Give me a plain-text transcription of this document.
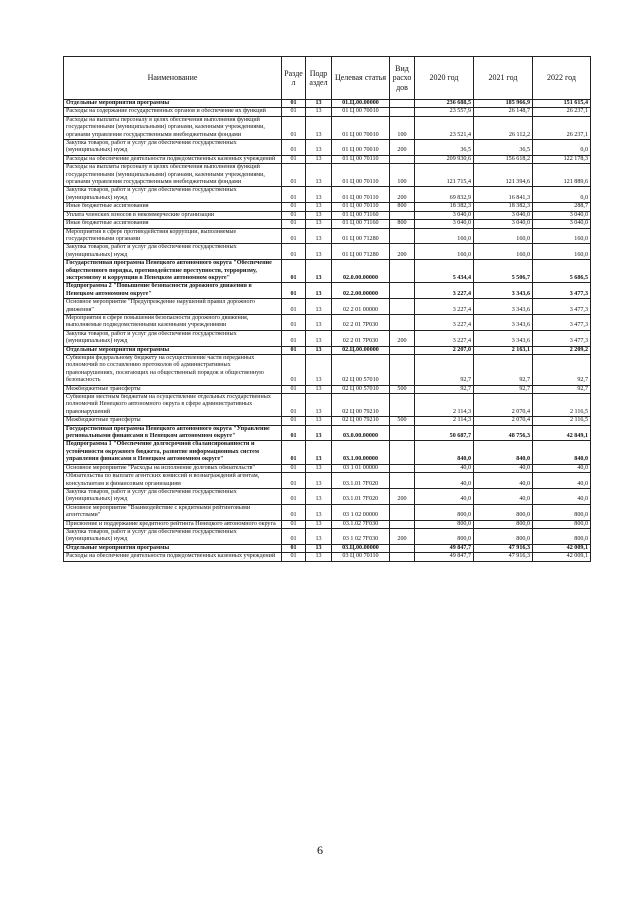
Наименование	Разде л	Подр аздел	Целевая статья	Вид расхо дов	2020 год	2021 год	2022 год
Отдельные мероприятия программы	01	13	01.Ц.00.00000		236 688,5	185 966,9	151 615,4
Расходы на содержание государственных органов и обеспечение их функций	01	13	01 Ц 00 70010		23 557,9	26 148,7	26 237,1
Расходы на выплаты персоналу в целях обеспечения выполнения функций государственными (муниципальными) органами, казенными учреждениями, органами управления государственными внебюджетными фондами	01	13	01 Ц 00 70010	100	23 521,4	26 112,2	26 237,1
Закупка товаров, работ и услуг для обеспечения государственных (муниципальных) нужд	01	13	01 Ц 00 70010	200	36,5	36,5	0,0
Расходы на обеспечение деятельности подведомственных казенных учреждений	01	13	01 Ц 00 70110		209 930,6	156 618,2	122 178,3
Расходы на выплаты персоналу в целях обеспечения выполнения функций государственными (муниципальными) органами, казенными учреждениями, органами управления государственными внебюджетными фондами	01	13	01 Ц 00 70110	100	121 715,4	121 394,6	121 889,6
Закупка товаров, работ и услуг для обеспечения государственных (муниципальных) нужд	01	13	01 Ц 00 70110	200	69 832,9	16 841,3	0,0
Иные бюджетные ассигнования	01	13	01 Ц 00 70110	800	18 382,3	18 382,3	288,7
Уплата членских взносов в некоммерческие организации	01	13	01 Ц 00 71160		3 040,0	3 040,0	3 040,0
Иные бюджетные ассигнования	01	13	01 Ц 00 71160	800	3 040,0	3 040,0	3 040,0
Мероприятия в сфере противодействия коррупции, выполняемые государственными органами	01	13	01 Ц 00 71280		160,0	160,0	160,0
Закупка товаров, работ и услуг для обеспечения государственных (муниципальных) нужд	01	13	01 Ц 00 71280	200	160,0	160,0	160,0
Государственная программа Ненецкого автономного округа "Обеспечение общественного порядка, противодействие преступности, терроризму, экстремизму и коррупции в Ненецком автономном округе"	01	13	02.0.00.00000		5 434,4	5 506,7	5 686,5
Подпрограмма 2 "Повышение безопасности дорожного движения в Ненецком автономном округе"	01	13	02.2.00.00000		3 227,4	3 343,6	3 477,3
Основное мероприятие "Предупреждение нарушений правил дорожного движения"	01	13	02 2 01 00000		3 227,4	3 343,6	3 477,3
Мероприятия в сфере повышения безопасности дорожного движения, выполняемые подведомственными казенными учреждениями	01	13	02 2 01 7Р030		3 227,4	3 343,6	3 477,3
Закупка товаров, работ и услуг для обеспечения государственных (муниципальных) нужд	01	13	02 2 01 7Р030	200	3 227,4	3 343,6	3 477,3
Отдельные мероприятия программы	01	13	02.Ц.00.00000		2 207,0	2 163,1	2 209,2
Субвенция федеральному бюджету на осуществление части переданных полномочий по составлению протоколов об административных правонарушениях, посягающих на общественный порядок и общественную безопасность	01	13	02 Ц 00 57010		92,7	92,7	92,7
Межбюджетные трансферты	01	13	02 Ц 00 57010	500	92,7	92,7	92,7
Субвенции местным бюджетам на осуществление отдельных государственных полномочий Ненецкого автономного округа в сфере административных правонарушений	01	13	02 Ц 00 79210		2 114,3	2 070,4	2 116,5
Межбюджетные трансферты	01	13	02 Ц 00 79210	500	2 114,3	2 070,4	2 116,5
Государственная программа Ненецкого автономного округа "Управление региональными финансами в Ненецком автономном округе"	01	13	03.0.00.00000		50 687,7	48 756,3	42 849,1
Подпрограмма 1 "Обеспечение долгосрочной сбалансированности и устойчивости окружного бюджета, развитие информационных систем управления финансами в Ненецком автономном округе"	01	13	03.1.00.00000		840,0	840,0	840,0
Основное мероприятие "Расходы на исполнение долговых обязательств"	01	13	03 1 01 00000		40,0	40,0	40,0
Обязательства по выплате агентских комиссий и вознаграждений агентам, консультантам и финансовым организациям	01	13	03.1.01 7F020		40,0	40,0	40,0
Закупка товаров, работ и услуг для обеспечения государственных (муниципальных) нужд	01	13	03.1.01 7F020	200	40,0	40,0	40,0
Основное мероприятие "Взаимодействие с кредитными рейтинговыми агентствами"	01	13	03 1 02 00000		800,0	800,0	800,0
Присвоение и поддержание кредитного рейтинга Ненецкого автономного округа	01	13	03.1.02 7F030		800,0	800,0	800,0
Закупка товаров, работ и услуг для обеспечения государственных (муниципальных) нужд	01	13	03 1 02 7F030	200	800,0	800,0	800,0
Отдельные мероприятия программы	01	13	03.Ц.00.00000		49 847,7	47 916,3	42 009,1
Расходы на обеспечение деятельности подведомственных казенных учреждений	01	13	03 Ц 00 70110		49 847,7	47 916,3	42 009,1
6
